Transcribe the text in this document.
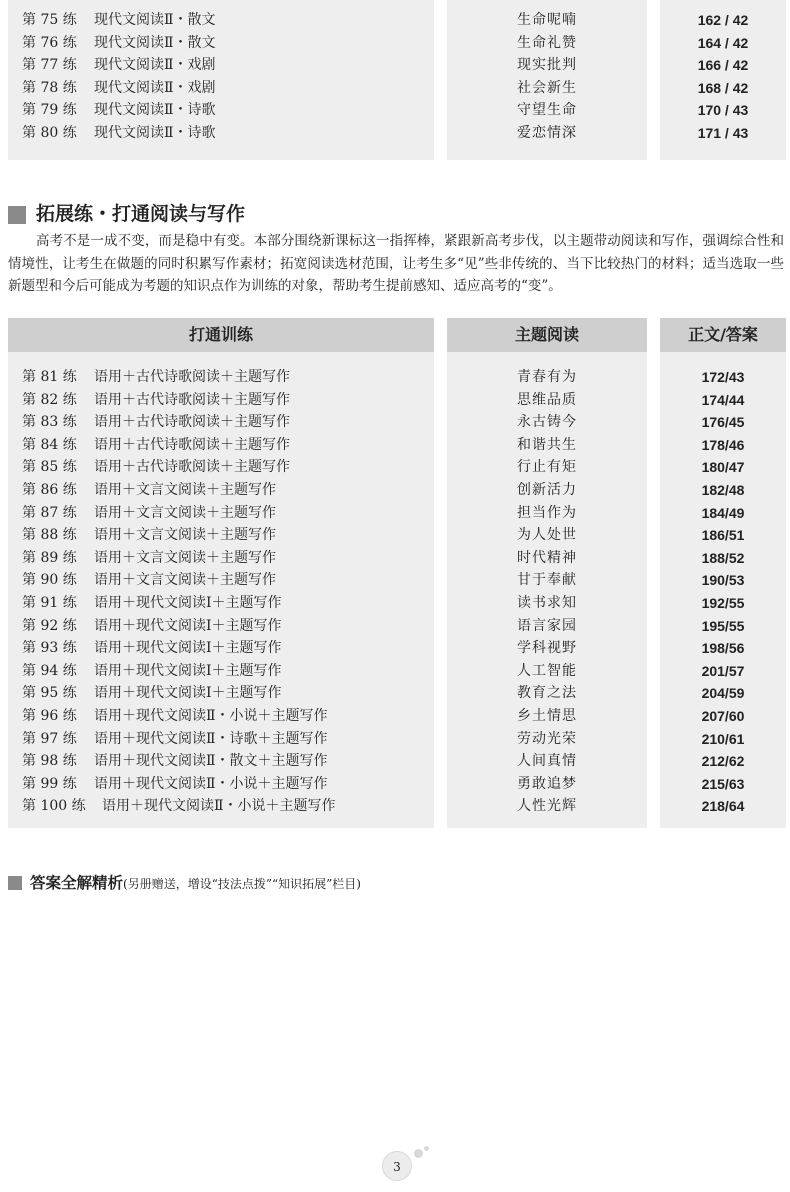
第 75 练 现代文阅读Ⅱ・散文
第 76 练 现代文阅读Ⅱ・散文
第 77 练 现代文阅读Ⅱ・戏剧
第 78 练 现代文阅读Ⅱ・戏剧
第 79 练 现代文阅读Ⅱ・诗歌
第 80 练 现代文阅读Ⅱ・诗歌
生命呢喃
生命礼赞
现实批判
社会新生
守望生命
爱恋情深
162 / 42
164 / 42
166 / 42
168 / 42
170 / 43
171 / 43
拓展练・打通阅读与写作
高考不是一成不变，而是稳中有变。本部分围绕新课标这一指挥棒，紧跟新高考步伐，以主题带动阅读和写作，强调综合性和情境性，让考生在做题的同时积累写作素材；拓宽阅读选材范围，让考生多“见”些非传统的、当下比较热门的材料；适当选取一些新题型和今后可能成为考题的知识点作为训练的对象，帮助考生提前感知、适应高考的“变”。
打通训练
第 81 练 语用＋古代诗歌阅读＋主题写作
第 82 练 语用＋古代诗歌阅读＋主题写作
第 83 练 语用＋古代诗歌阅读＋主题写作
第 84 练 语用＋古代诗歌阅读＋主题写作
第 85 练 语用＋古代诗歌阅读＋主题写作
第 86 练 语用＋文言文阅读＋主题写作
第 87 练 语用＋文言文阅读＋主题写作
第 88 练 语用＋文言文阅读＋主题写作
第 89 练 语用＋文言文阅读＋主题写作
第 90 练 语用＋文言文阅读＋主题写作
第 91 练 语用＋现代文阅读Ⅰ＋主题写作
第 92 练 语用＋现代文阅读Ⅰ＋主题写作
第 93 练 语用＋现代文阅读Ⅰ＋主题写作
第 94 练 语用＋现代文阅读Ⅰ＋主题写作
第 95 练 语用＋现代文阅读Ⅰ＋主题写作
第 96 练 语用＋现代文阅读Ⅱ・小说＋主题写作
第 97 练 语用＋现代文阅读Ⅱ・诗歌＋主题写作
第 98 练 语用＋现代文阅读Ⅱ・散文＋主题写作
第 99 练 语用＋现代文阅读Ⅱ・小说＋主题写作
第 100 练 语用＋现代文阅读Ⅱ・小说＋主题写作
主题阅读
青春有为
思维品质
永古铸今
和谐共生
行止有矩
创新活力
担当作为
为人处世
时代精神
甘于奉献
读书求知
语言家园
学科视野
人工智能
教育之法
乡土情思
劳动光荣
人间真情
勇敢追梦
人性光辉
正文/答案
172/43
174/44
176/45
178/46
180/47
182/48
184/49
186/51
188/52
190/53
192/55
195/55
198/56
201/57
204/59
207/60
210/61
212/62
215/63
218/64
答案全解精析(另册赠送，增设“技法点拨”“知识拓展”栏目)
3
